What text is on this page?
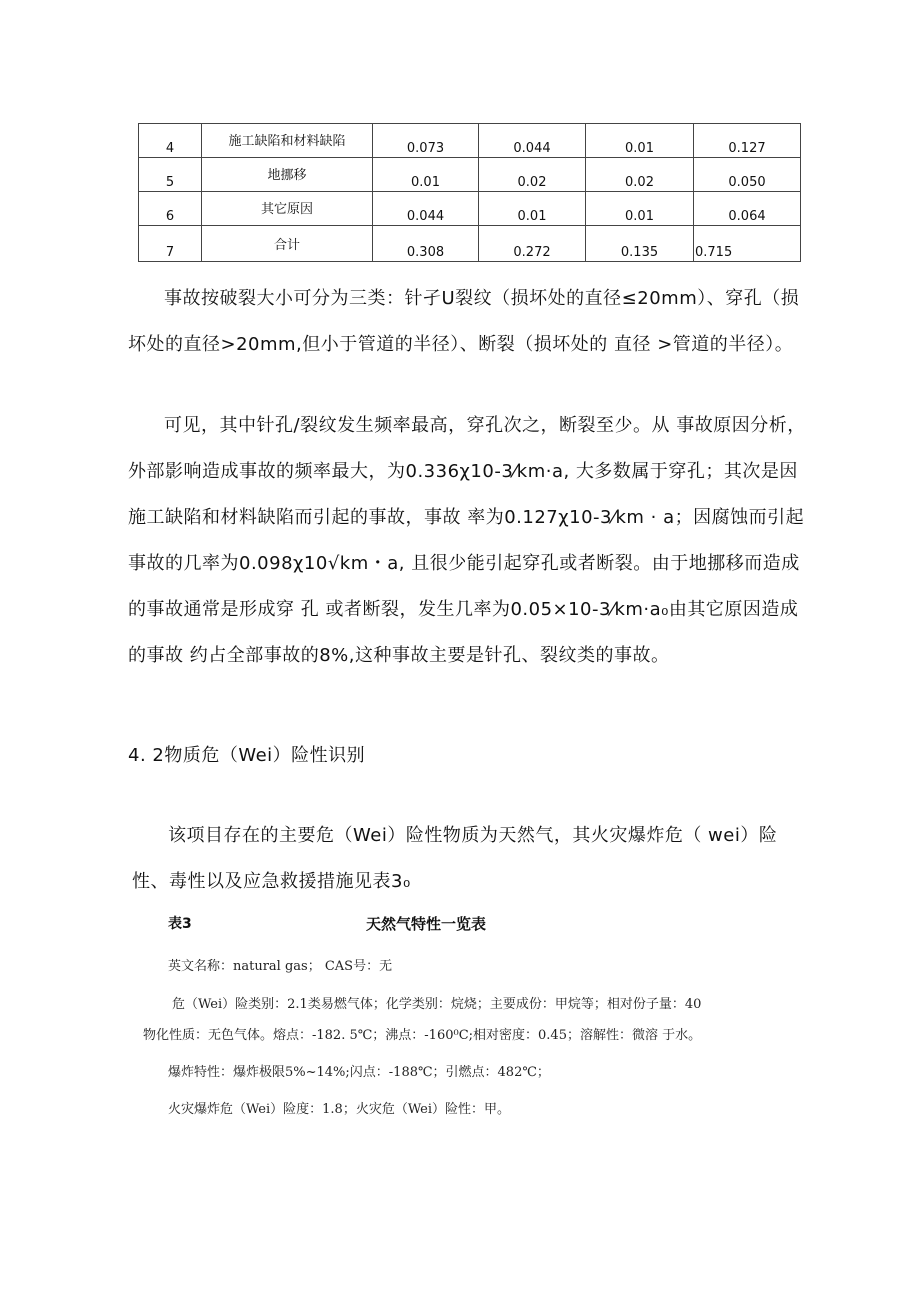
4	施工缺陷和材料缺陷	0.073	0.044	0.01	0.127
5	地挪移	0.01	0.02	0.02	0.050
6	其它原因	0.044	0.01	0.01	0.064
7	合计	0.308	0.272	0.135	0.715

事故按破裂大小可分为三类：针孑U裂纹（损坏处的直径≤20mm）、穿孔（损坏处的直径>20mm,但小于管道的半径）、断裂（损坏处的 直径 >管道的半径）。

可见，其中针孔/裂纹发生频率最高，穿孔次之，断裂至少。从 事故原因分析，外部影响造成事故的频率最大，为0.336χ10-3⁄km·a, 大多数属于穿孔；其次是因施工缺陷和材料缺陷而引起的事故，事故 率为0.127χ10-3⁄km · a；因腐蚀而引起事故的几率为0.098χ10√km・a, 且很少能引起穿孔或者断裂。由于地挪移而造成的事故通常是形成穿 孔 或者断裂，发生几率为0.05×10-3⁄km·a₀由其它原因造成的事故 约占全部事故的8%,这种事故主要是针孔、裂纹类的事故。

4. 2物质危（Wei）险性识别

该项目存在的主要危（Wei）险性物质为天然气，其火灾爆炸危（ wei）险性、毒性以及应急救援措施见表3₀

表3	天然气特性一览表

英文名称：natural gas； CAS号：无

危（Wei）险类别：2.1类易燃气体；化学类别：烷烧；主要成份：甲烷等；相对份子量：40

物化性质：无色气体。熔点：-182. 5℃；沸点：-160⁰C;相对密度：0.45；溶解性：微溶 于水。

爆炸特性：爆炸极限5%~14%;闪点：-188℃；引燃点：482℃；

火灾爆炸危（Wei）险度：1.8；火灾危（Wei）险性：甲。
